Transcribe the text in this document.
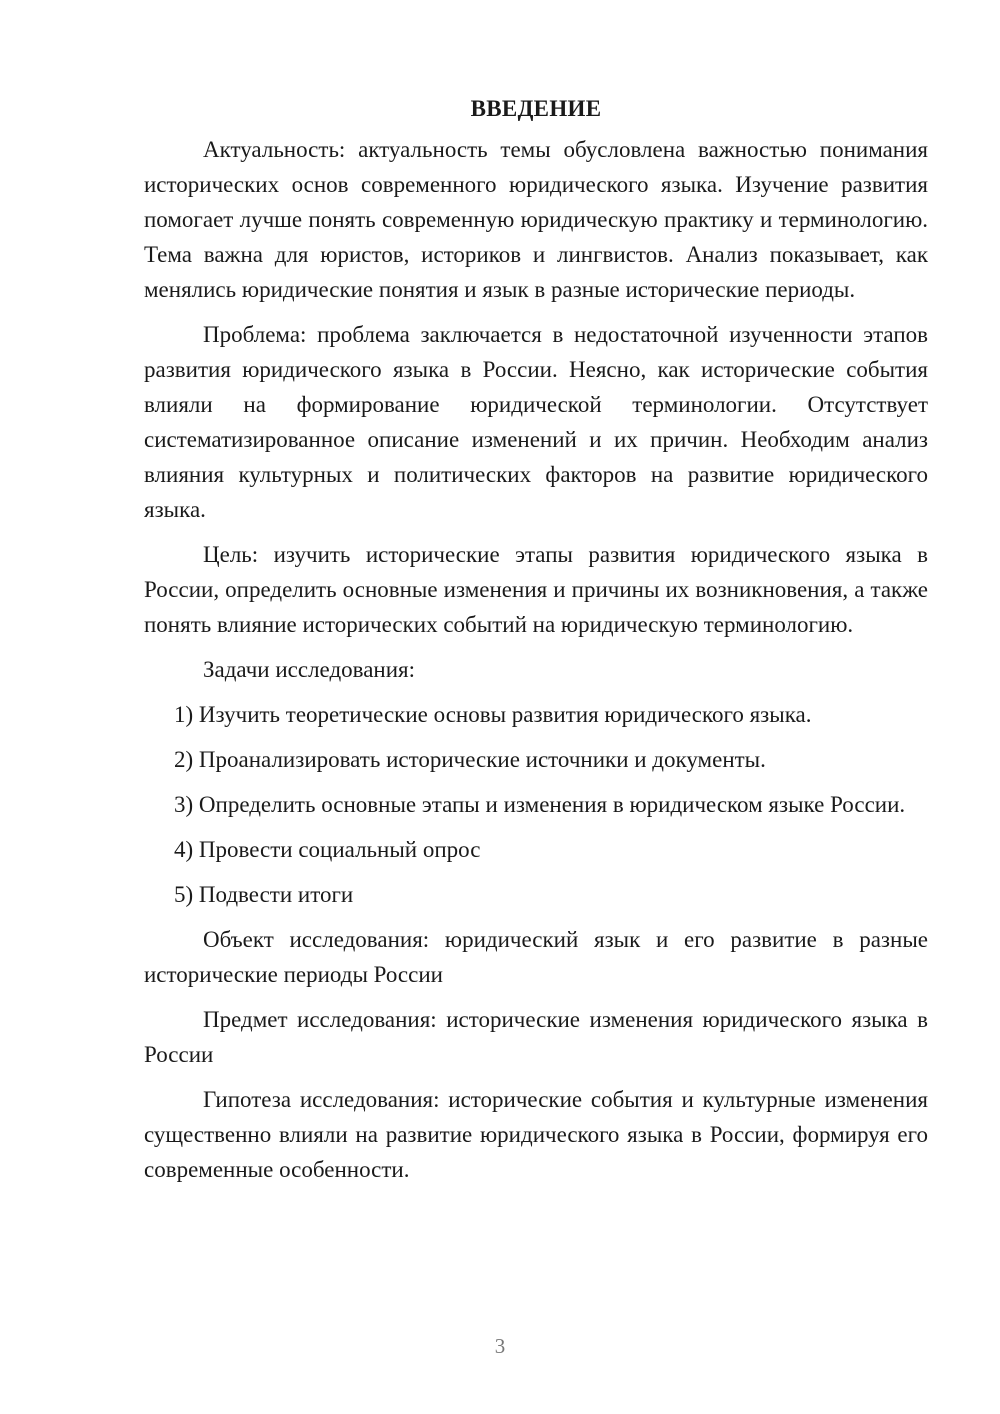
ВВЕДЕНИЕ

Актуальность: актуальность темы обусловлена важностью понимания исторических основ современного юридического языка. Изучение развития помогает лучше понять современную юридическую практику и терминологию. Тема важна для юристов, историков и лингвистов. Анализ показывает, как менялись юридические понятия и язык в разные исторические периоды.

Проблема: проблема заключается в недостаточной изученности этапов развития юридического языка в России. Неясно, как исторические события влияли на формирование юридической терминологии. Отсутствует систематизированное описание изменений и их причин. Необходим анализ влияния культурных и политических факторов на развитие юридического языка.

Цель: изучить исторические этапы развития юридического языка в России, определить основные изменения и причины их возникновения, а также понять влияние исторических событий на юридическую терминологию.

Задачи исследования:

1) Изучить теоретические основы развития юридического языка.

2) Проанализировать исторические источники и документы.

3) Определить основные этапы и изменения в юридическом языке России.

4) Провести социальный опрос

5) Подвести итоги

Объект исследования: юридический язык и его развитие в разные исторические периоды России

Предмет исследования: исторические изменения юридического языка в России

Гипотеза исследования: исторические события и культурные изменения существенно влияли на развитие юридического языка в России, формируя его современные особенности.

3
